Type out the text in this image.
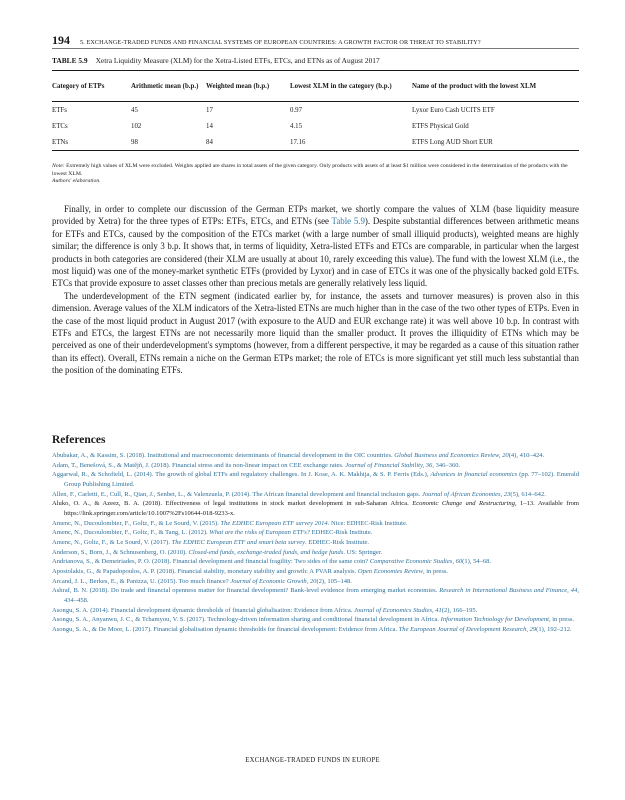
194 5. EXCHANGE-TRADED FUNDS AND FINANCIAL SYSTEMS OF EUROPEAN COUNTRIES: A GROWTH FACTOR OR THREAT TO STABILITY?
TABLE 5.9 Xetra Liquidity Measure (XLM) for the Xetra-Listed ETFs, ETCs, and ETNs as of August 2017
Category of ETPs	Arithmetic mean (b.p.)	Weighted mean (b.p.)	Lowest XLM in the category (b.p.)	Name of the product with the lowest XLM
ETFs	45	17	0.97	Lyxor Euro Cash UCITS ETF
ETCs	102	14	4.15	ETFS Physical Gold
ETNs	98	84	17.16	ETFS Long AUD Short EUR
Note: Extremely high values of XLM were excluded. Weights applied are shares in total assets of the given category. Only products with assets of at least $1 million were considered in the determination of the products with the lowest XLM.
Authors' elaboration.

Finally, in order to complete our discussion of the German ETPs market, we shortly compare the values of XLM (base liquidity measure provided by Xetra) for the three types of ETPs: ETFs, ETCs, and ETNs (see Table 5.9). Despite substantial differences between arithmetic means for ETFs and ETCs, caused by the composition of the ETCs market (with a large number of small illiquid products), weighted means are highly similar; the difference is only 3 b.p. It shows that, in terms of liquidity, Xetra-listed ETFs and ETCs are comparable, in particular when the largest products in both categories are considered (their XLM are usually at about 10, rarely exceeding this value). The fund with the lowest XLM (i.e., the most liquid) was one of the money-market synthetic ETFs (provided by Lyxor) and in case of ETCs it was one of the physically backed gold ETFs. ETCs that provide exposure to asset classes other than precious metals are generally relatively less liquid.

The underdevelopment of the ETN segment (indicated earlier by, for instance, the assets and turnover measures) is proven also in this dimension. Average values of the XLM indicators of the Xetra-listed ETNs are much higher than in the case of the two other types of ETPs. Even in the case of the most liquid product in August 2017 (with exposure to the AUD and EUR exchange rate) it was well above 10 b.p. In contrast with ETFs and ETCs, the largest ETNs are not necessarily more liquid than the smaller product. It proves the illiquidity of ETNs which may be perceived as one of their underdevelopment's symptoms (however, from a different perspective, it may be regarded as a cause of this situation rather than its effect). Overall, ETNs remain a niche on the German ETPs market; the role of ETCs is more significant yet still much less substantial than the position of the dominating ETFs.

References
Abubakar, A., & Kassim, S. (2018). Institutional and macroeconomic determinants of financial development in the OIC countries. Global Business and Economics Review, 20(4), 410–424.
Adam, T., Benešová, S., & Matějň, J. (2018). Financial stress and its non-linear impact on CEE exchange rates. Journal of Financial Stability, 36, 346–360.
Aggarwal, R., & Schofield, L. (2014). The growth of global ETFs and regulatory challenges. In J. Kose, A. K. Makhija, & S. P. Ferris (Eds.), Advances in financial economics (pp. 77–102). Emerald Group Publishing Limited.
Allen, F., Carletti, E., Cull, R., Qian, J., Senbet, L., & Valenzuela, P. (2014). The African financial development and financial inclusion gaps. Journal of African Economies, 23(5), 614–642.
Aluko, O. A., & Azeez, B. A. (2018). Effectiveness of legal institutions in stock market development in sub-Saharan Africa. Economic Change and Restructuring, 1–13. Available from https://link.springer.com/article/10.1007%2Fs10644-018-9233-x.
Amenc, N., Ducoulombier, F., Goltz, F., & Le Sourd, V. (2015). The EDHEC European ETF survey 2014. Nice: EDHEC-Risk Institute.
Amenc, N., Ducoulombier, F., Goltz, F., & Tang, L. (2012). What are the risks of European ETFs? EDHEC-Risk Institute.
Amenc, N., Goltz, F., & Le Sourd, V. (2017). The EDHEC European ETF and smart beta survey. EDHEC-Risk Institute.
Anderson, S., Born, J., & Schnusenberg, O. (2010). Closed-end funds, exchange-traded funds, and hedge funds. US: Springer.
Andrianova, S., & Demetriades, P. O. (2018). Financial development and financial fragility: Two sides of the same coin? Comparative Economic Studies, 60(1), 54–68.
Apostolakis, G., & Papadopoulos, A. P. (2018). Financial stability, monetary stability and growth: A PVAR analysis. Open Economies Review, in press.
Arcand, J. L., Berkes, E., & Panizza, U. (2015). Too much finance? Journal of Economic Growth, 20(2), 105–148.
Ashraf, B. N. (2018). Do trade and financial openness matter for financial development? Bank-level evidence from emerging market economies. Research in International Business and Finance, 44, 434–458.
Asongu, S. A. (2014). Financial development dynamic thresholds of financial globalisation: Evidence from Africa. Journal of Economics Studies, 41(2), 166–195.
Asongu, S. A., Anyanwu, J. C., & Tchamyou, V. S. (2017). Technology-driven information sharing and conditional financial development in Africa. Information Technology for Development, in press.
Asongu, S. A., & De Moor, L. (2017). Financial globalisation dynamic thresholds for financial development: Evidence from Africa. The European Journal of Development Research, 29(1), 192–212.
EXCHANGE-TRADED FUNDS IN EUROPE
